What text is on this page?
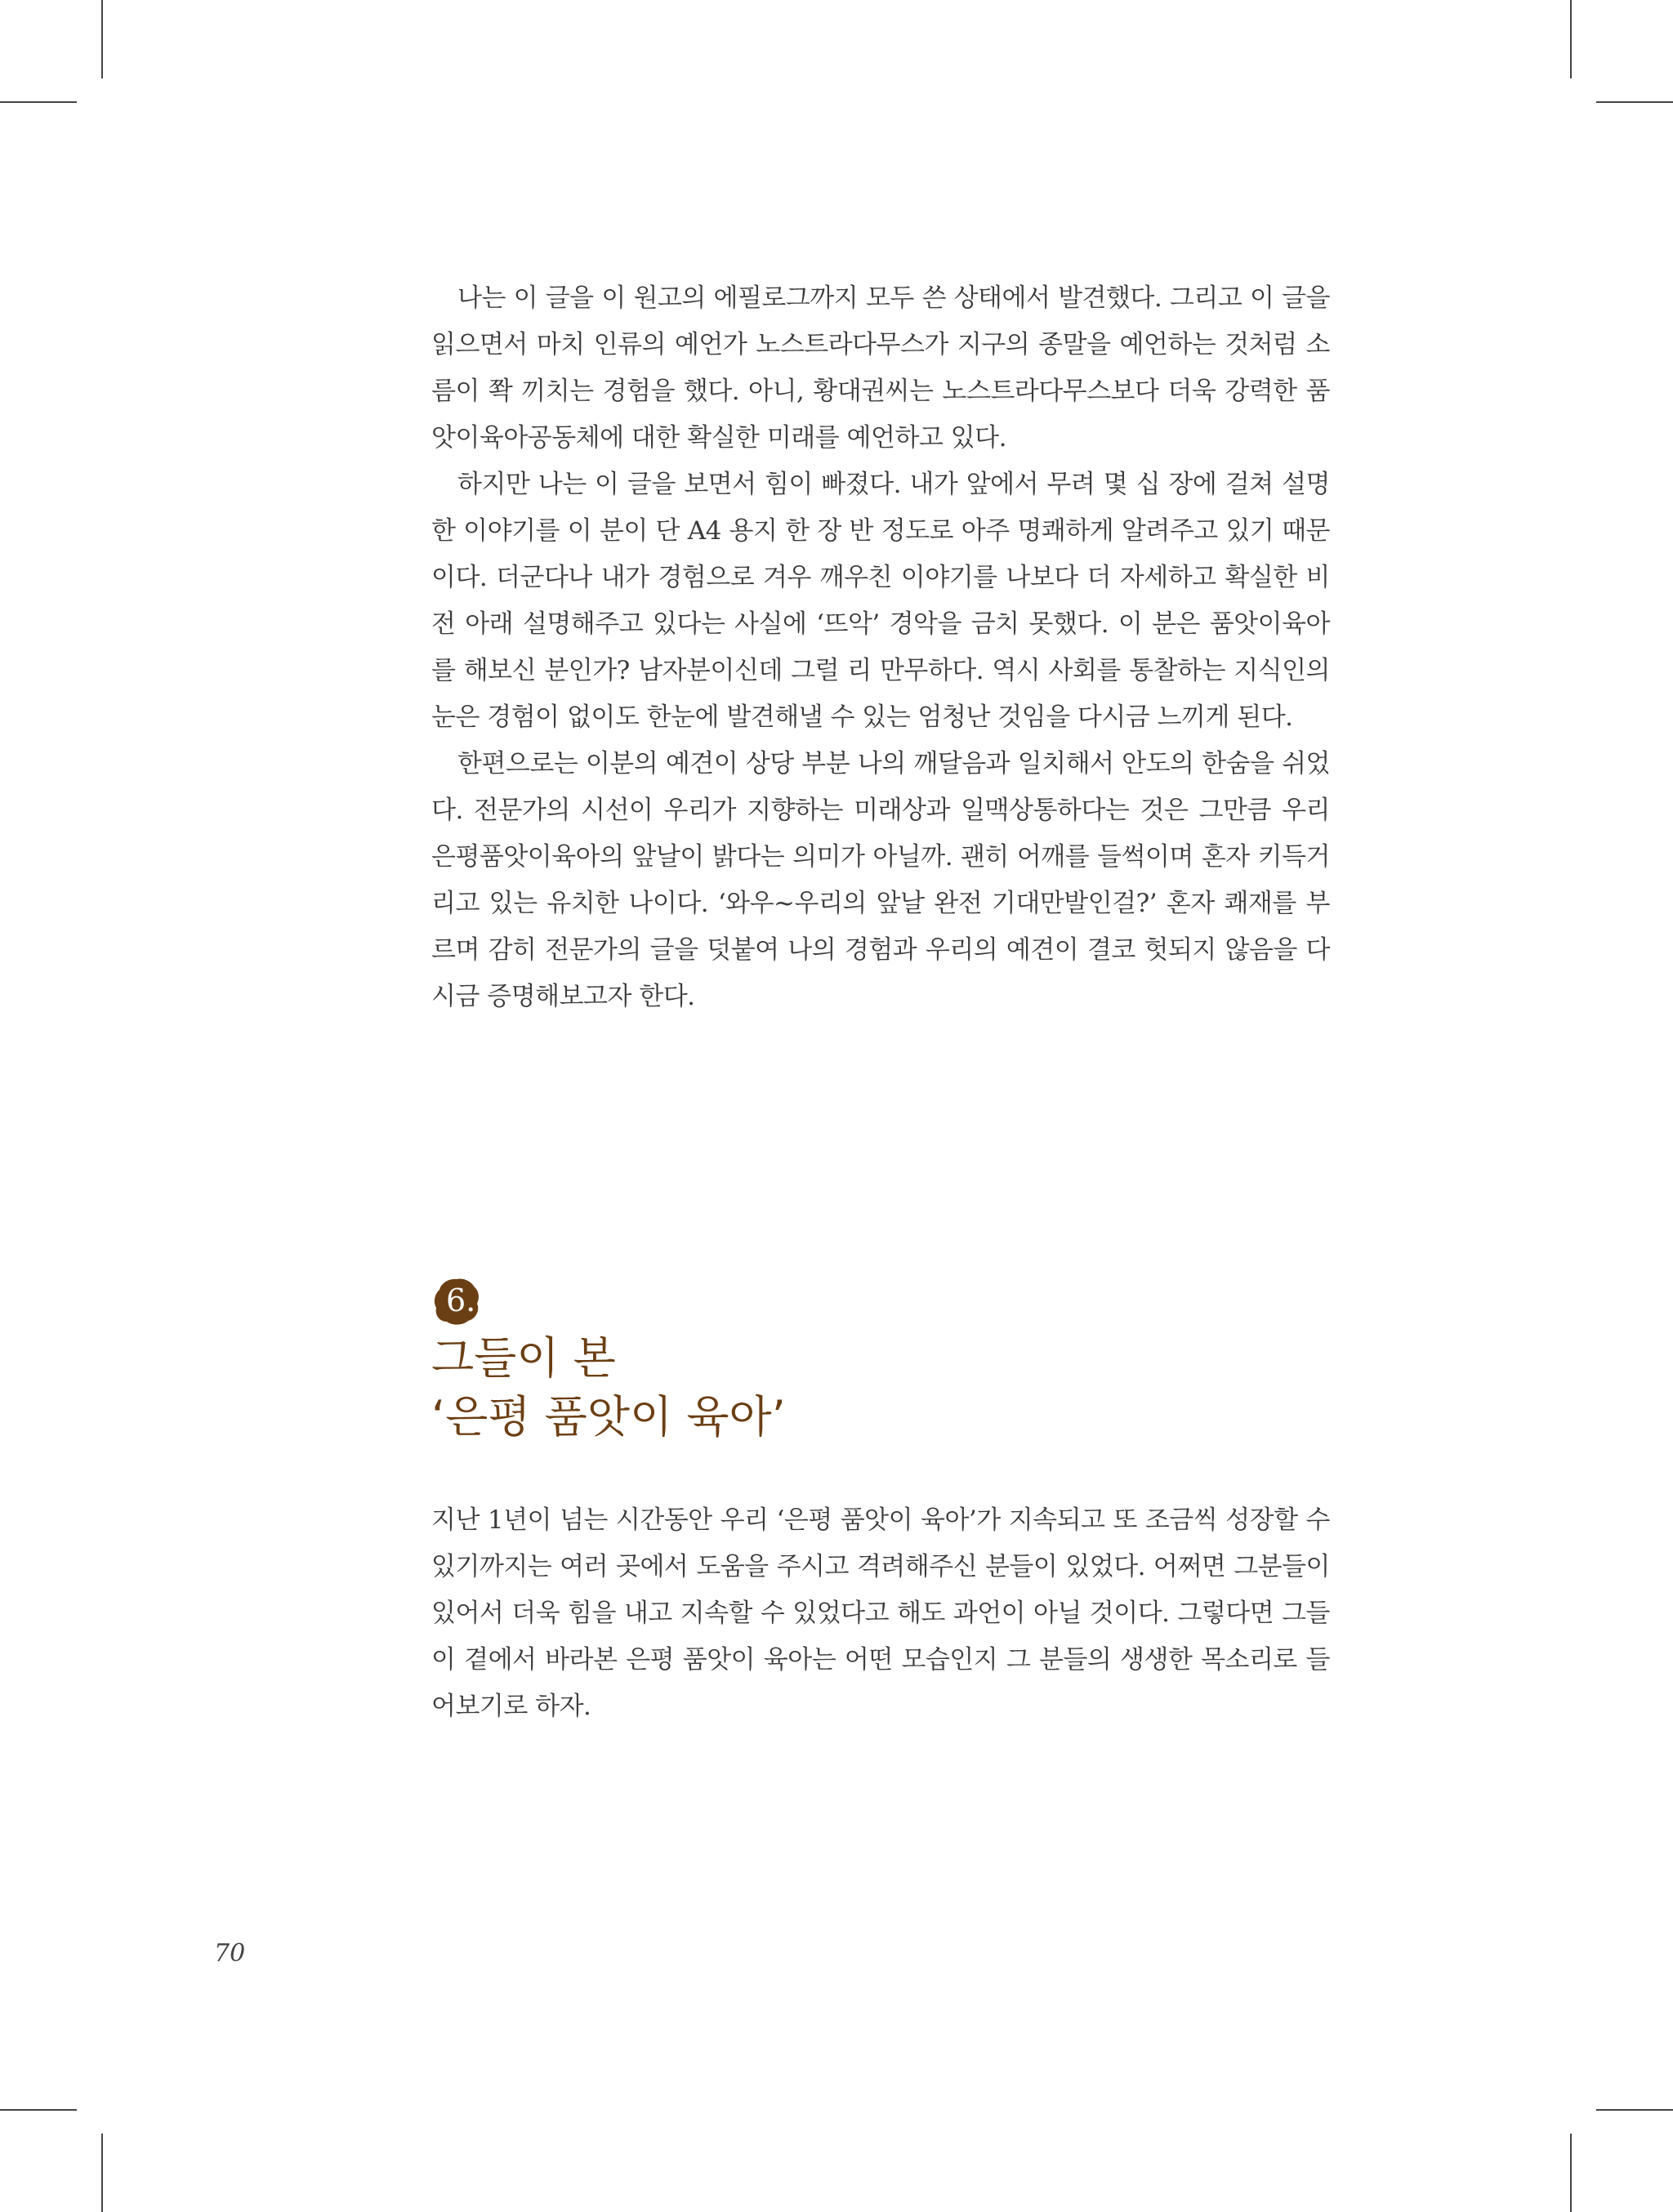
나는 이 글을 이 원고의 에필로그까지 모두 쓴 상태에서 발견했다. 그리고 이 글을 읽으면서 마치 인류의 예언가 노스트라다무스가 지구의 종말을 예언하는 것처럼 소름이 쫙 끼치는 경험을 했다. 아니, 황대권씨는 노스트라다무스보다 더욱 강력한 품앗이육아공동체에 대한 확실한 미래를 예언하고 있다.

하지만 나는 이 글을 보면서 힘이 빠졌다. 내가 앞에서 무려 몇 십 장에 걸쳐 설명한 이야기를 이 분이 단 A4 용지 한 장 반 정도로 아주 명쾌하게 알려주고 있기 때문이다. 더군다나 내가 경험으로 겨우 깨우친 이야기를 나보다 더 자세하고 확실한 비전 아래 설명해주고 있다는 사실에 ‘뜨악’ 경악을 금치 못했다. 이 분은 품앗이육아를 해보신 분인가? 남자분이신데 그럴 리 만무하다. 역시 사회를 통찰하는 지식인의 눈은 경험이 없이도 한눈에 발견해낼 수 있는 엄청난 것임을 다시금 느끼게 된다.

한편으로는 이분의 예견이 상당 부분 나의 깨달음과 일치해서 안도의 한숨을 쉬었다. 전문가의 시선이 우리가 지향하는 미래상과 일맥상통하다는 것은 그만큼 우리 은평품앗이육아의 앞날이 밝다는 의미가 아닐까. 괜히 어깨를 들썩이며 혼자 키득거리고 있는 유치한 나이다. ‘와우~우리의 앞날 완전 기대만발인걸?’ 혼자 쾌재를 부르며 감히 전문가의 글을 덧붙여 나의 경험과 우리의 예견이 결코 헛되지 않음을 다시금 증명해보고자 한다.

6.
그들이 본
‘은평 품앗이 육아’

지난 1년이 넘는 시간동안 우리 ‘은평 품앗이 육아’가 지속되고 또 조금씩 성장할 수 있기까지는 여러 곳에서 도움을 주시고 격려해주신 분들이 있었다. 어쩌면 그분들이 있어서 더욱 힘을 내고 지속할 수 있었다고 해도 과언이 아닐 것이다. 그렇다면 그들이 곁에서 바라본 은평 품앗이 육아는 어떤 모습인지 그 분들의 생생한 목소리로 들어보기로 하자.

70
